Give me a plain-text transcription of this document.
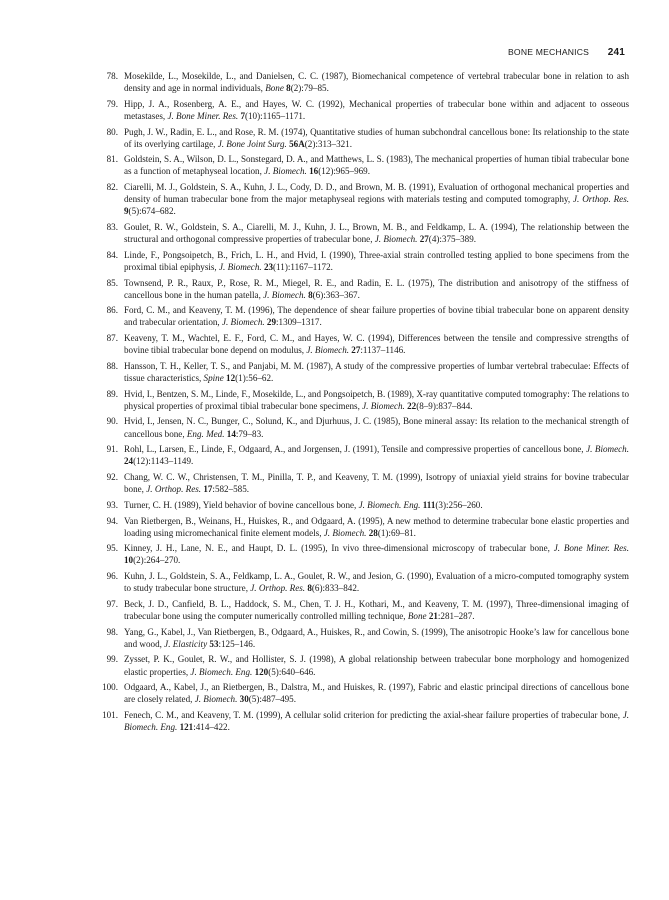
BONE MECHANICS 241
78. Mosekilde, L., Mosekilde, L., and Danielsen, C. C. (1987), Biomechanical competence of vertebral trabecular bone in relation to ash density and age in normal individuals, Bone 8(2):79–85.
79. Hipp, J. A., Rosenberg, A. E., and Hayes, W. C. (1992), Mechanical properties of trabecular bone within and adjacent to osseous metastases, J. Bone Miner. Res. 7(10):1165–1171.
80. Pugh, J. W., Radin, E. L., and Rose, R. M. (1974), Quantitative studies of human subchondral cancellous bone: Its relationship to the state of its overlying cartilage, J. Bone Joint Surg. 56A(2):313–321.
81. Goldstein, S. A., Wilson, D. L., Sonstegard, D. A., and Matthews, L. S. (1983), The mechanical properties of human tibial trabecular bone as a function of metaphyseal location, J. Biomech. 16(12):965–969.
82. Ciarelli, M. J., Goldstein, S. A., Kuhn, J. L., Cody, D. D., and Brown, M. B. (1991), Evaluation of orthogonal mechanical properties and density of human trabecular bone from the major metaphyseal regions with materials testing and computed tomography, J. Orthop. Res. 9(5):674–682.
83. Goulet, R. W., Goldstein, S. A., Ciarelli, M. J., Kuhn, J. L., Brown, M. B., and Feldkamp, L. A. (1994), The relationship between the structural and orthogonal compressive properties of trabecular bone, J. Biomech. 27(4):375–389.
84. Linde, F., Pongsoipetch, B., Frich, L. H., and Hvid, I. (1990), Three-axial strain controlled testing applied to bone specimens from the proximal tibial epiphysis, J. Biomech. 23(11):1167–1172.
85. Townsend, P. R., Raux, P., Rose, R. M., Miegel, R. E., and Radin, E. L. (1975), The distribution and anisotropy of the stiffness of cancellous bone in the human patella, J. Biomech. 8(6):363–367.
86. Ford, C. M., and Keaveny, T. M. (1996), The dependence of shear failure properties of bovine tibial trabecular bone on apparent density and trabecular orientation, J. Biomech. 29:1309–1317.
87. Keaveny, T. M., Wachtel, E. F., Ford, C. M., and Hayes, W. C. (1994), Differences between the tensile and compressive strengths of bovine tibial trabecular bone depend on modulus, J. Biomech. 27:1137–1146.
88. Hansson, T. H., Keller, T. S., and Panjabi, M. M. (1987), A study of the compressive properties of lumbar vertebral trabeculae: Effects of tissue characteristics, Spine 12(1):56–62.
89. Hvid, I., Bentzen, S. M., Linde, F., Mosekilde, L., and Pongsoipetch, B. (1989), X-ray quantitative computed tomography: The relations to physical properties of proximal tibial trabecular bone specimens, J. Biomech. 22(8–9):837–844.
90. Hvid, I., Jensen, N. C., Bunger, C., Solund, K., and Djurhuus, J. C. (1985), Bone mineral assay: Its relation to the mechanical strength of cancellous bone, Eng. Med. 14:79–83.
91. Rohl, L., Larsen, E., Linde, F., Odgaard, A., and Jorgensen, J. (1991), Tensile and compressive properties of cancellous bone, J. Biomech. 24(12):1143–1149.
92. Chang, W. C. W., Christensen, T. M., Pinilla, T. P., and Keaveny, T. M. (1999), Isotropy of uniaxial yield strains for bovine trabecular bone, J. Orthop. Res. 17:582–585.
93. Turner, C. H. (1989), Yield behavior of bovine cancellous bone, J. Biomech. Eng. 111(3):256–260.
94. Van Rietbergen, B., Weinans, H., Huiskes, R., and Odgaard, A. (1995), A new method to determine trabecular bone elastic properties and loading using micromechanical finite element models, J. Biomech. 28(1):69–81.
95. Kinney, J. H., Lane, N. E., and Haupt, D. L. (1995), In vivo three-dimensional microscopy of trabecular bone, J. Bone Miner. Res. 10(2):264–270.
96. Kuhn, J. L., Goldstein, S. A., Feldkamp, L. A., Goulet, R. W., and Jesion, G. (1990), Evaluation of a micro-computed tomography system to study trabecular bone structure, J. Orthop. Res. 8(6):833–842.
97. Beck, J. D., Canfield, B. L., Haddock, S. M., Chen, T. J. H., Kothari, M., and Keaveny, T. M. (1997), Three-dimensional imaging of trabecular bone using the computer numerically controlled milling technique, Bone 21:281–287.
98. Yang, G., Kabel, J., Van Rietbergen, B., Odgaard, A., Huiskes, R., and Cowin, S. (1999), The anisotropic Hooke’s law for cancellous bone and wood, J. Elasticity 53:125–146.
99. Zysset, P. K., Goulet, R. W., and Hollister, S. J. (1998), A global relationship between trabecular bone morphology and homogenized elastic properties, J. Biomech. Eng. 120(5):640–646.
100. Odgaard, A., Kabel, J., an Rietbergen, B., Dalstra, M., and Huiskes, R. (1997), Fabric and elastic principal directions of cancellous bone are closely related, J. Biomech. 30(5):487–495.
101. Fenech, C. M., and Keaveny, T. M. (1999), A cellular solid criterion for predicting the axial-shear failure properties of trabecular bone, J. Biomech. Eng. 121:414–422.
